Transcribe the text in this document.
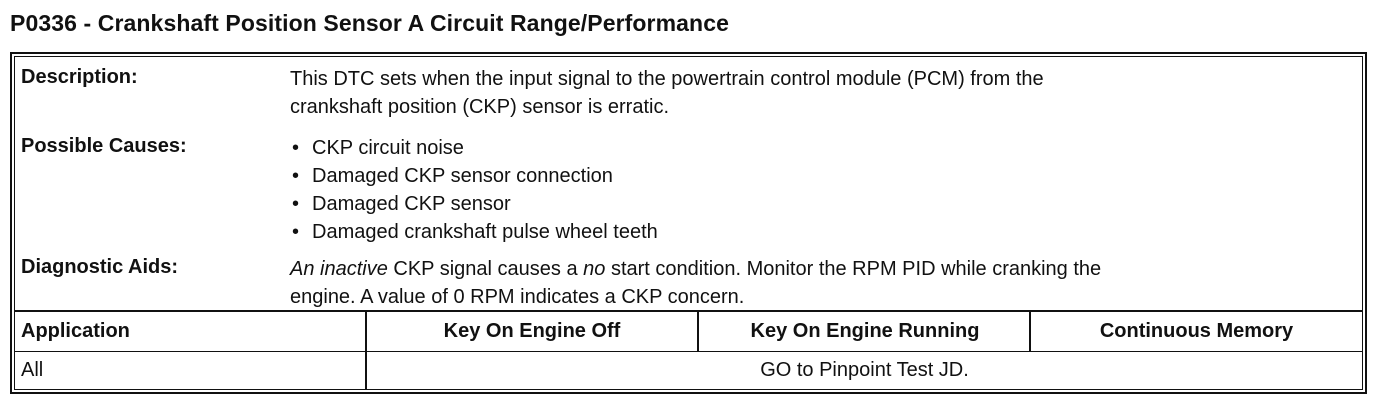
P0336 - Crankshaft Position Sensor A Circuit Range/Performance
Description:	This DTC sets when the input signal to the powertrain control module (PCM) from the
crankshaft position (CKP) sensor is erratic.
Possible Causes:	• CKP circuit noise
• Damaged CKP sensor connection
• Damaged CKP sensor
• Damaged crankshaft pulse wheel teeth
Diagnostic Aids:	An inactive CKP signal causes a no start condition. Monitor the RPM PID while cranking the
engine. A value of 0 RPM indicates a CKP concern.
Application	Key On Engine Off	Key On Engine Running	Continuous Memory
All	GO to Pinpoint Test JD.
